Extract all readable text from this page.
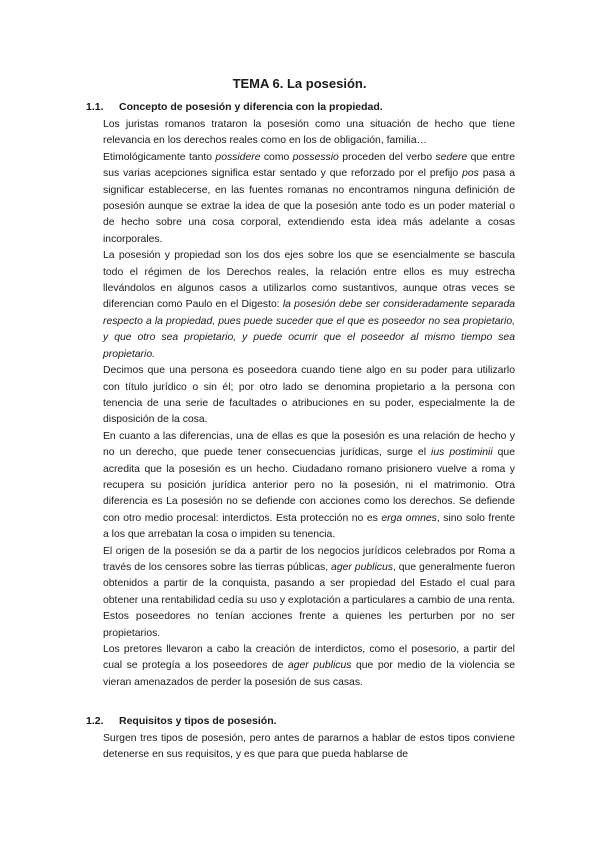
TEMA 6. La posesión.
1.1. Concepto de posesión y diferencia con la propiedad.

Los juristas romanos trataron la posesión como una situación de hecho que tiene relevancia en los derechos reales como en los de obligación, familia…

Etimológicamente tanto possidere como possessio proceden del verbo sedere que entre sus varias acepciones significa estar sentado y que reforzado por el prefijo pos pasa a significar establecerse, en las fuentes romanas no encontramos ninguna definición de posesión aunque se extrae la idea de que la posesión ante todo es un poder material o de hecho sobre una cosa corporal, extendiendo esta idea más adelante a cosas incorporales.

La posesión y propiedad son los dos ejes sobre los que se esencialmente se bascula todo el régimen de los Derechos reales, la relación entre ellos es muy estrecha llevándolos en algunos casos a utilizarlos como sustantivos, aunque otras veces se diferencian como Paulo en el Digesto: la posesión debe ser consideradamente separada respecto a la propiedad, pues puede suceder que el que es poseedor no sea propietario, y que otro sea propietario, y puede ocurrir que el poseedor al mismo tiempo sea propietario.

Decimos que una persona es poseedora cuando tiene algo en su poder para utilizarlo con título jurídico o sin él; por otro lado se denomina propietario a la persona con tenencia de una serie de facultades o atribuciones en su poder, especialmente la de disposición de la cosa.

En cuanto a las diferencias, una de ellas es que la posesión es una relación de hecho y no un derecho, que puede tener consecuencias jurídicas, surge el ius postiminii que acredita que la posesión es un hecho. Ciudadano romano prisionero vuelve a roma y recupera su posición jurídica anterior pero no la posesión, ni el matrimonio. Otra diferencia es La posesión no se defiende con acciones como los derechos. Se defiende con otro medio procesal: interdictos. Esta protección no es erga omnes, sino solo frente a los que arrebatan la cosa o impiden su tenencia.

El origen de la posesión se da a partir de los negocios jurídicos celebrados por Roma a través de los censores sobre las tierras públicas, ager publicus, que generalmente fueron obtenidos a partir de la conquista, pasando a ser propiedad del Estado el cual para obtener una rentabilidad cedía su uso y explotación a particulares a cambio de una renta. Estos poseedores no tenían acciones frente a quienes les perturben por no ser propietarios.

Los pretores llevaron a cabo la creación de interdictos, como el posesorio, a partir del cual se protegía a los poseedores de ager publicus que por medio de la violencia se vieran amenazados de perder la posesión de sus casas.

1.2. Requisitos y tipos de posesión.

Surgen tres tipos de posesión, pero antes de pararnos a hablar de estos tipos conviene detenerse en sus requisitos, y es que para que pueda hablarse de
